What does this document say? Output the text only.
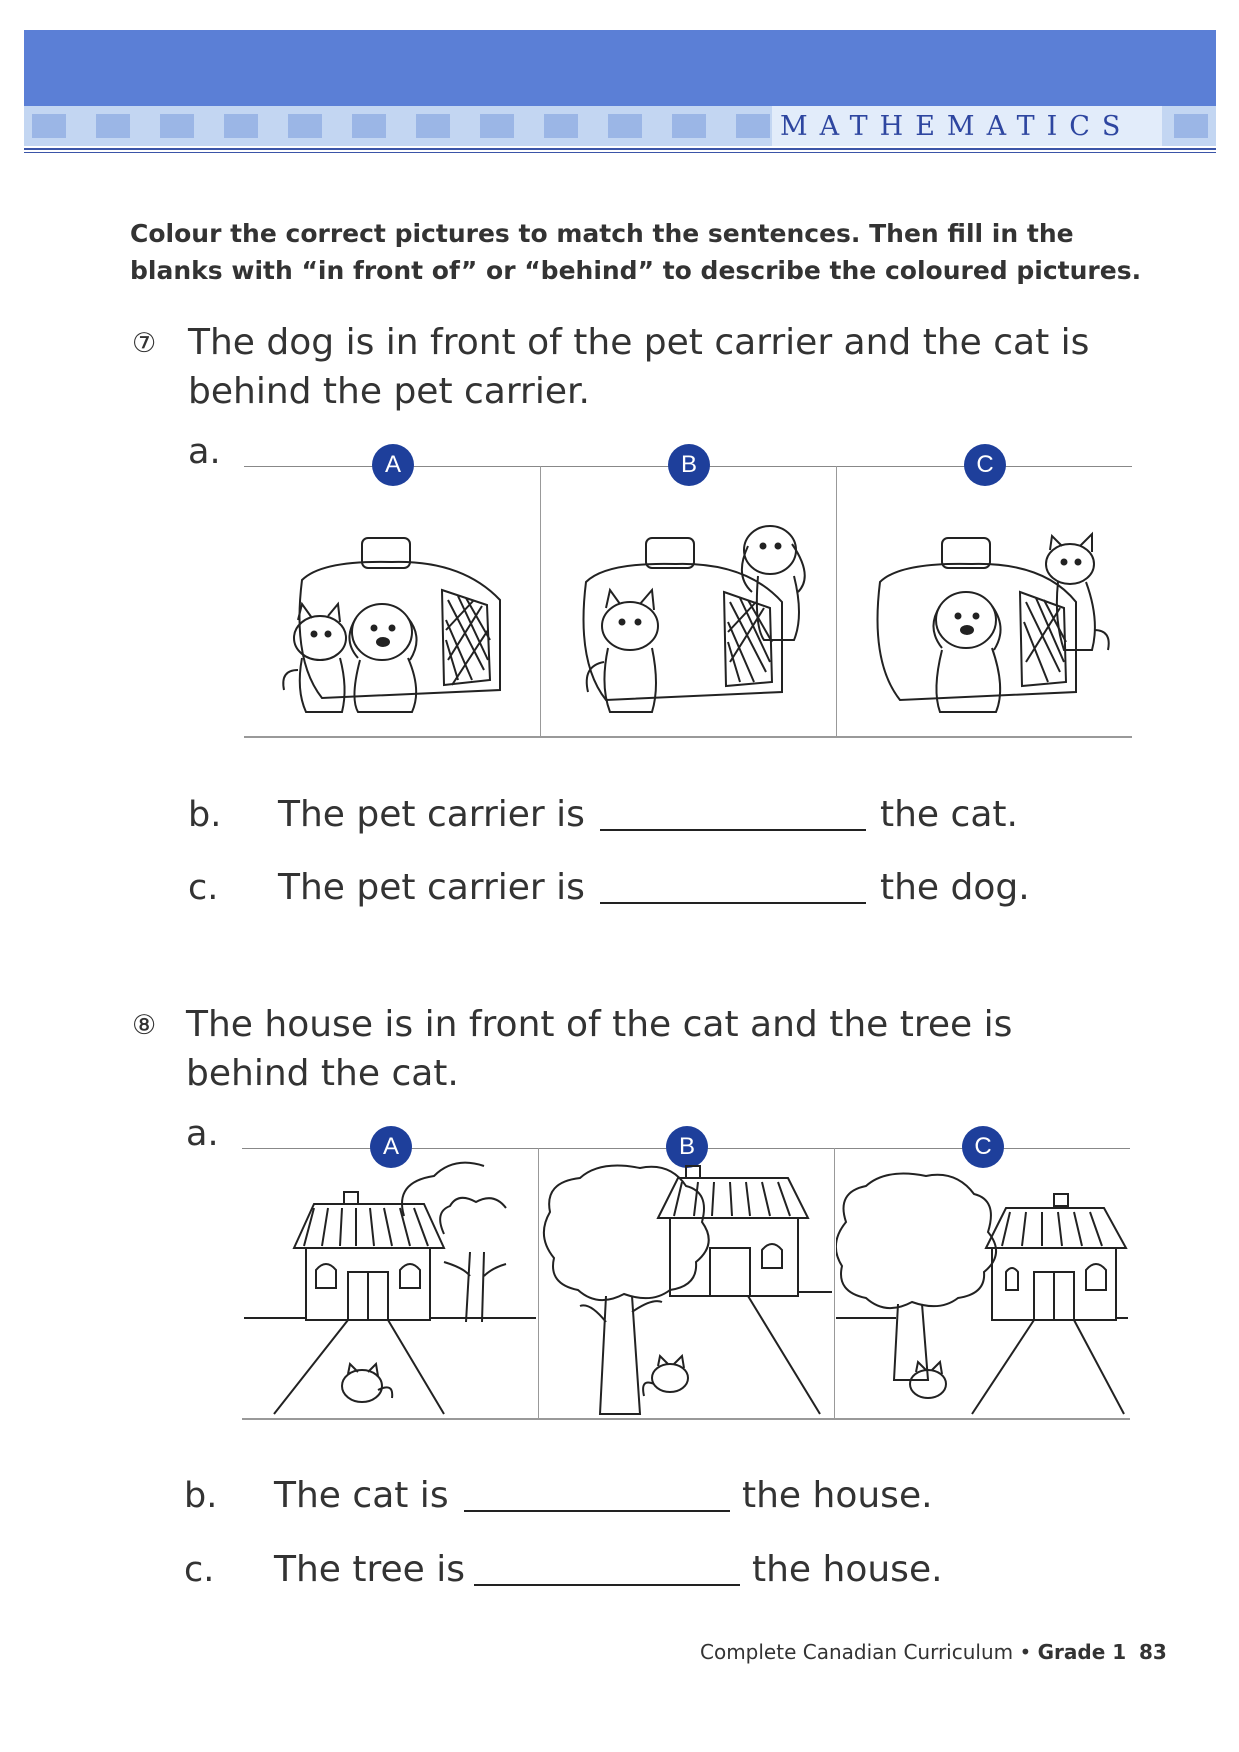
MATHEMATICS
Colour the correct pictures to match the sentences. Then fill in the blanks with “in front of” or “behind” to describe the coloured pictures.
⑦ The dog is in front of the pet carrier and the cat is behind the pet carrier.
a.	A	B	C
b. The pet carrier is	the cat.
c. The pet carrier is	the dog.
⑧ The house is in front of the cat and the tree is behind the cat.
a.	A	B	C
b. The cat is	the house.
c. The tree is	the house.
Complete Canadian Curriculum • Grade 1 83
